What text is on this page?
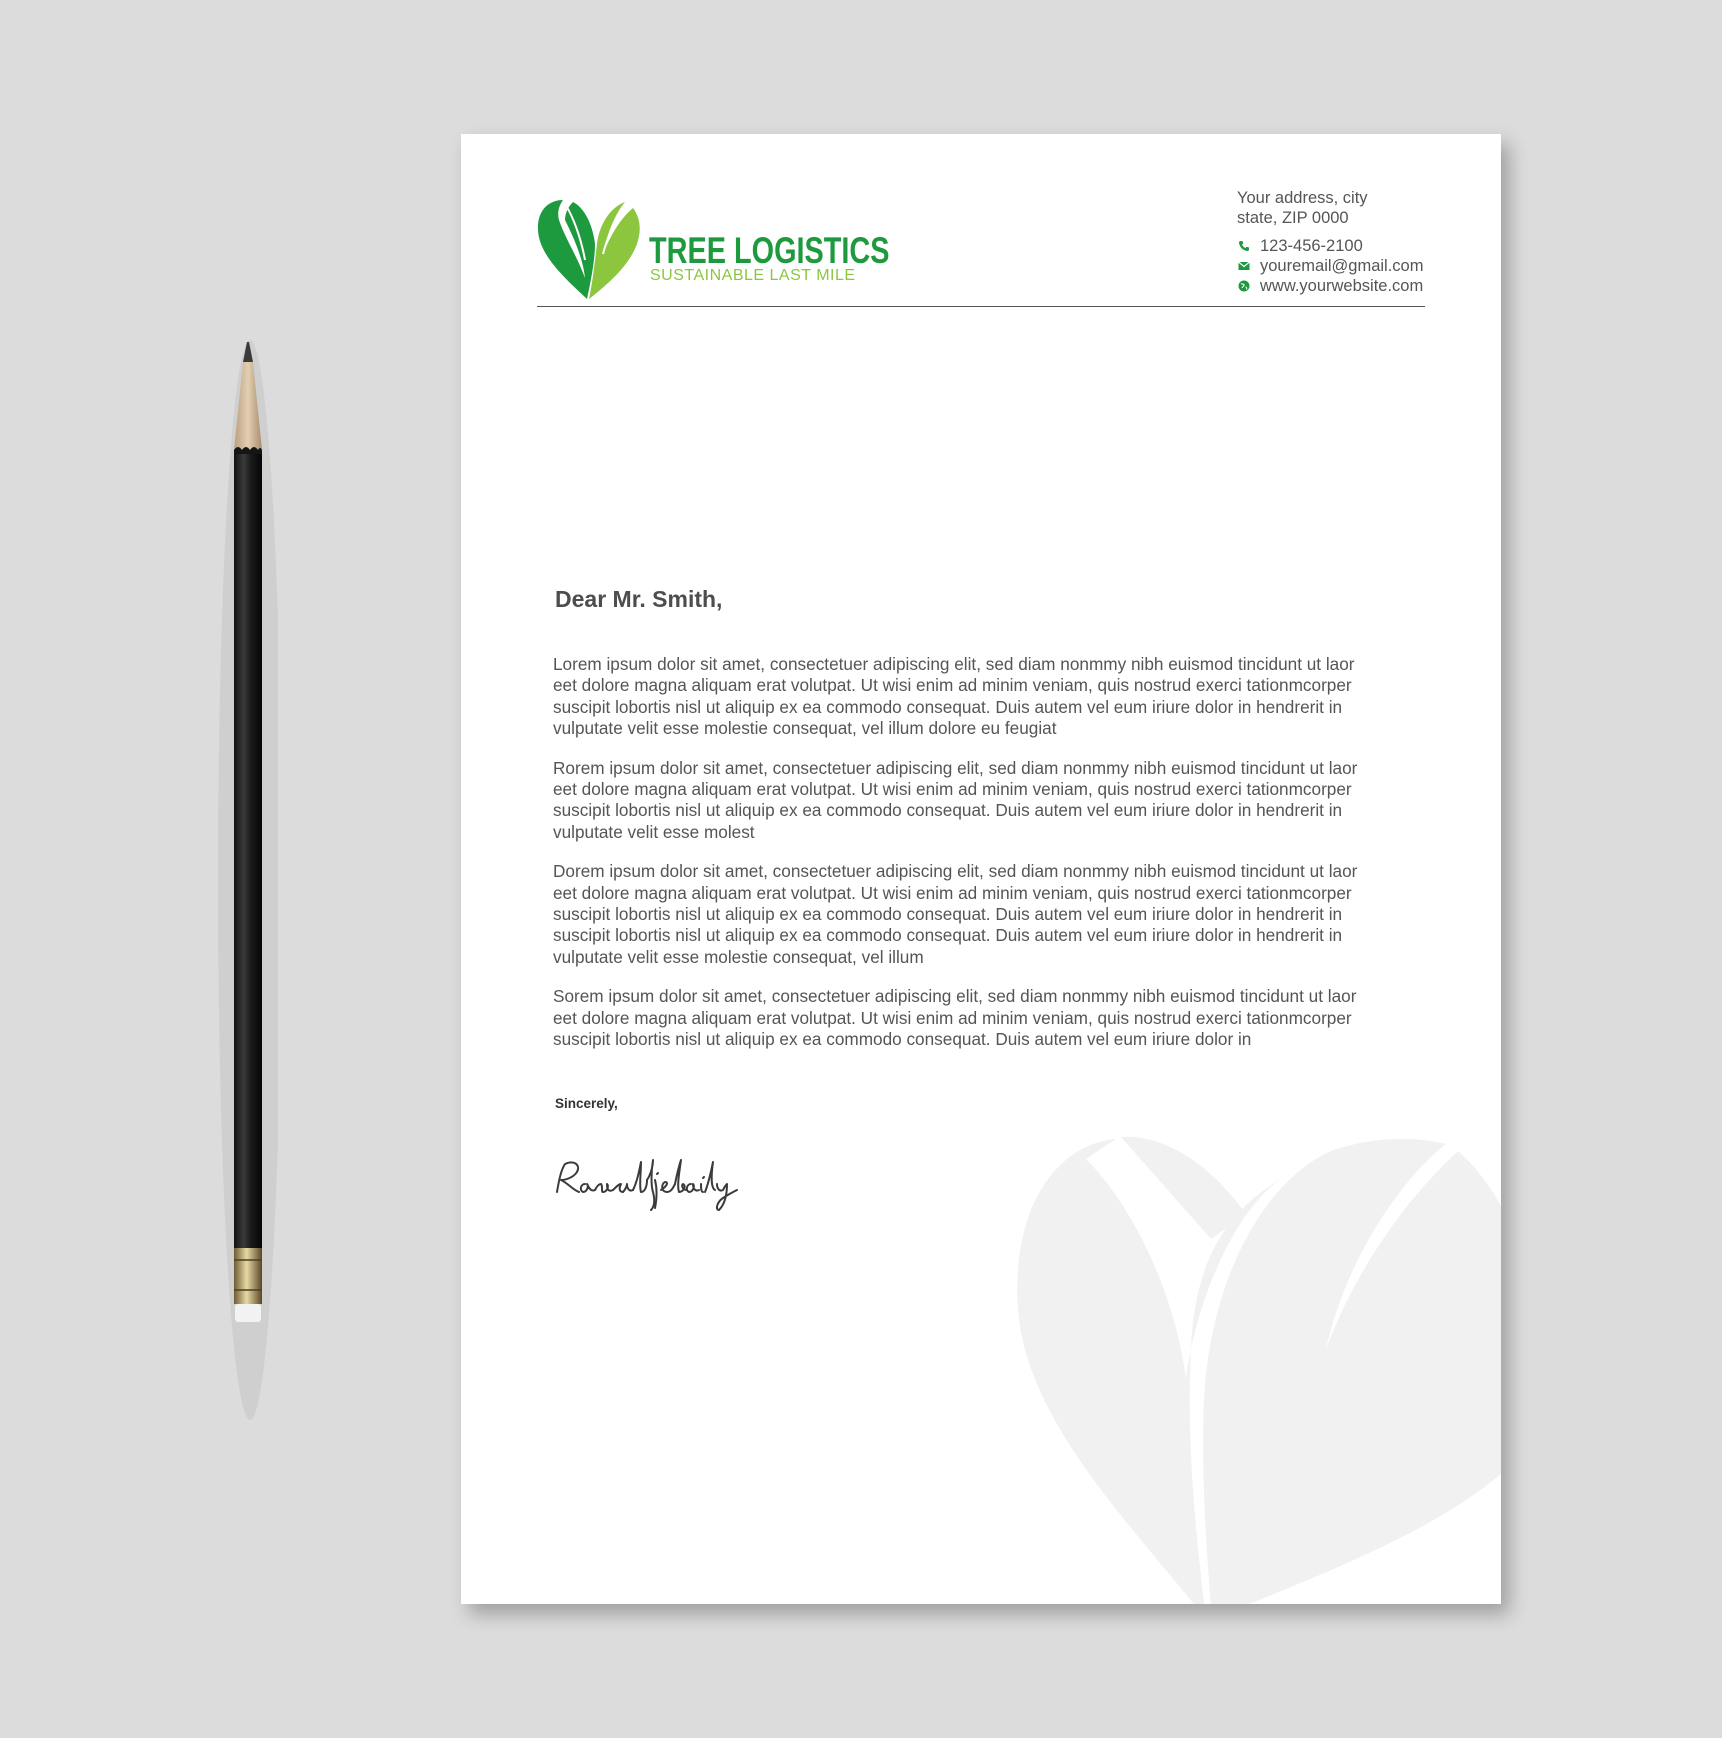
TREE LOGISTICS
SUSTAINABLE LAST MILE
Your address, city
state, ZIP 0000
123-456-2100
youremail@gmail.com
www.yourwebsite.com
Dear Mr. Smith,

Lorem ipsum dolor sit amet, consectetuer adipiscing elit, sed diam nonmmy nibh euismod tincidunt ut laor
eet dolore magna aliquam erat volutpat. Ut wisi enim ad minim veniam, quis nostrud exerci tationmcorper
suscipit lobortis nisl ut aliquip ex ea commodo consequat. Duis autem vel eum iriure dolor in hendrerit in
vulputate velit esse molestie consequat, vel illum dolore eu feugiat

Rorem ipsum dolor sit amet, consectetuer adipiscing elit, sed diam nonmmy nibh euismod tincidunt ut laor
eet dolore magna aliquam erat volutpat. Ut wisi enim ad minim veniam, quis nostrud exerci tationmcorper
suscipit lobortis nisl ut aliquip ex ea commodo consequat. Duis autem vel eum iriure dolor in hendrerit in
vulputate velit esse molest

Dorem ipsum dolor sit amet, consectetuer adipiscing elit, sed diam nonmmy nibh euismod tincidunt ut laor
eet dolore magna aliquam erat volutpat. Ut wisi enim ad minim veniam, quis nostrud exerci tationmcorper
suscipit lobortis nisl ut aliquip ex ea commodo consequat. Duis autem vel eum iriure dolor in hendrerit in
suscipit lobortis nisl ut aliquip ex ea commodo consequat. Duis autem vel eum iriure dolor in hendrerit in
vulputate velit esse molestie consequat, vel illum

Sorem ipsum dolor sit amet, consectetuer adipiscing elit, sed diam nonmmy nibh euismod tincidunt ut laor
eet dolore magna aliquam erat volutpat. Ut wisi enim ad minim veniam, quis nostrud exerci tationmcorper
suscipit lobortis nisl ut aliquip ex ea commodo consequat. Duis autem vel eum iriure dolor in

Sincerely,
